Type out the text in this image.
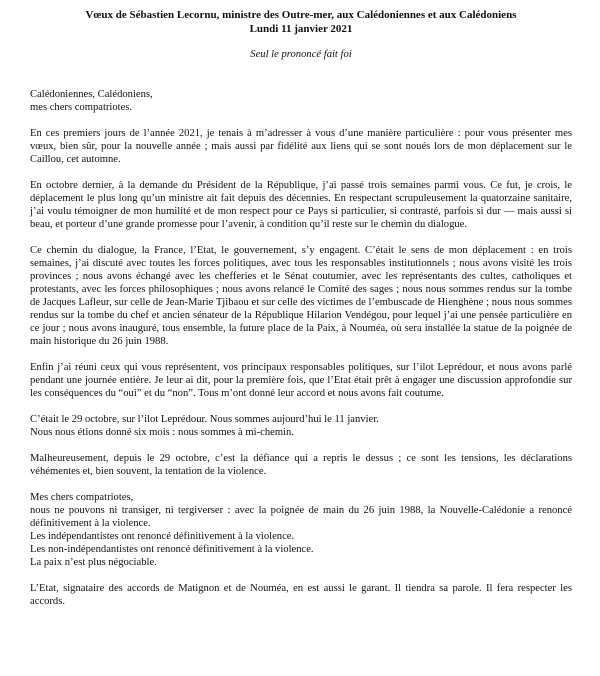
Vœux de Sébastien Lecornu, ministre des Outre-mer, aux Calédoniennes et aux Calédoniens
Lundi 11 janvier 2021
Seul le prononcé fait foi
Calédoniennes, Calédoniens,
mes chers compatriotes.

En ces premiers jours de l’année 2021, je tenais à m’adresser à vous d’une manière particulière : pour vous présenter mes vœux, bien sûr, pour la nouvelle année ; mais aussi par fidélité aux liens qui se sont noués lors de mon déplacement sur le Caillou, cet automne.

En octobre dernier, à la demande du Président de la République, j’ai passé trois semaines parmi vous. Ce fut, je crois, le déplacement le plus long qu’un ministre ait fait depuis des décennies. En respectant scrupuleusement la quatorzaine sanitaire, j’ai voulu témoigner de mon humilité et de mon respect pour ce Pays si particulier, si contrasté, parfois si dur — mais aussi si beau, et porteur d’une grande promesse pour l’avenir, à condition qu’il reste sur le chemin du dialogue.

Ce chemin du dialogue, la France, l’Etat, le gouvernement, s’y engagent. C’était le sens de mon déplacement : en trois semaines, j’ai discuté avec toutes les forces politiques, avec tous les responsables institutionnels ; nous avons visité les trois provinces ; nous avons échangé avec les chefferies et le Sénat coutumier, avec les représentants des cultes, catholiques et protestants, avec les forces philosophiques ; nous avons relancé le Comité des sages ; nous nous sommes rendus sur la tombe de Jacques Lafleur, sur celle de Jean-Marie Tjibaou et sur celle des victimes de l’embuscade de Hienghène ; nous nous sommes rendus sur la tombe du chef et ancien sénateur de la République Hilarion Vendégou, pour lequel j’ai une pensée particulière en ce jour ; nous avons inauguré, tous ensemble, la future place de la Paix, à Nouméa, où sera installée la statue de la poignée de main historique du 26 juin 1988.

Enfin j’ai réuni ceux qui vous représentent, vos principaux responsables politiques, sur l’ilot Leprédour, et nous avons parlé pendant une journée entière. Je leur ai dit, pour la première fois, que l’Etat était prêt à engager une discussion approfondie sur les conséquences du “oui” et du “non”. Tous m’ont donné leur accord et nous avons fait coutume.

C’était le 29 octobre, sur l’ilot Leprédour. Nous sommes aujourd’hui le 11 janvier.
Nous nous étions donné six mois : nous sommes à mi-chemin.

Malheureusement, depuis le 29 octobre, c’est la défiance qui a repris le dessus ; ce sont les tensions, les déclarations véhémentes et, bien souvent, la tentation de la violence.

Mes chers compatriotes,

nous ne pouvons ni transiger, ni tergiverser : avec la poignée de main du 26 juin 1988, la Nouvelle-Calédonie a renoncé définitivement à la violence.

Les indépendantistes ont renoncé définitivement à la violence.
Les non-indépendantistes ont renoncé définitivement à la violence.
La paix n’est plus négociable.

L’Etat, signataire des accords de Matignon et de Nouméa, en est aussi le garant. Il tiendra sa parole. Il fera respecter les accords.
